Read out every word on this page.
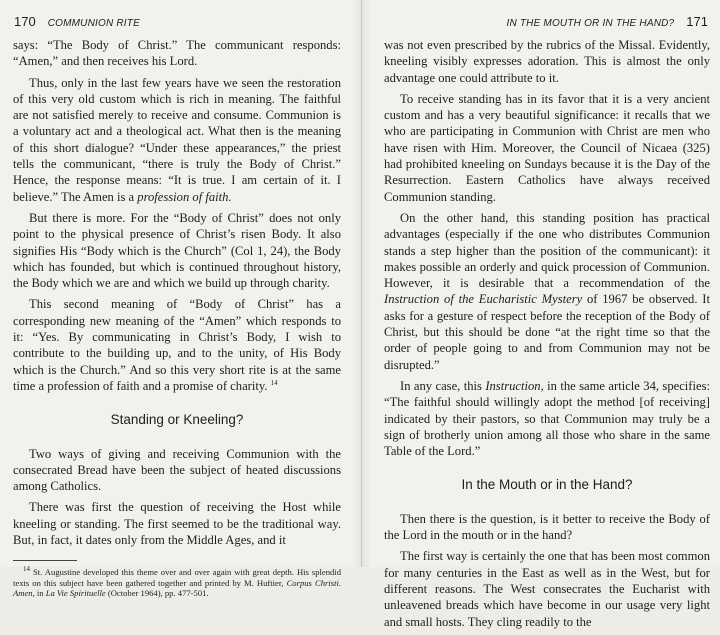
170 COMMUNION RITE

says: “The Body of Christ.” The communicant responds: “Amen,” and then receives his Lord.

Thus, only in the last few years have we seen the restoration of this very old custom which is rich in meaning. The faithful are not satisfied merely to receive and consume. Communion is a voluntary act and a theological act. What then is the meaning of this short dialogue? “Under these appearances,” the priest tells the communicant, “there is truly the Body of Christ.” Hence, the response means: “It is true. I am certain of it. I believe.” The Amen is a profession of faith.

But there is more. For the “Body of Christ” does not only point to the physical presence of Christ’s risen Body. It also signifies His “Body which is the Church” (Col 1, 24), the Body which has founded, but which is continued throughout history, the Body which we are and which we build up through charity.

This second meaning of “Body of Christ” has a corresponding new meaning of the “Amen” which responds to it: “Yes. By communicating in Christ’s Body, I wish to contribute to the building up, and to the unity, of His Body which is the Church.” And so this very short rite is at the same time a profession of faith and a promise of charity. $^{14}$

Standing or Kneeling?

Two ways of giving and receiving Communion with the consecrated Bread have been the subject of heated discussions among Catholics.

There was first the question of receiving the Host while kneeling or standing. The first seemed to be the traditional way. But, in fact, it dates only from the Middle Ages, and it

$^{14}$ St. Augustine developed this theme over and over again with great depth. His splendid texts on this subject have been gathered together and printed by M. Huftier, Corpus Christi. Amen, in La Vie Spirituelle (October 1964), pp. 477-501.
IN THE MOUTH OR IN THE HAND? 171

was not even prescribed by the rubrics of the Missal. Evidently, kneeling visibly expresses adoration. This is almost the only advantage one could attribute to it.

To receive standing has in its favor that it is a very ancient custom and has a very beautiful significance: it recalls that we who are participating in Communion with Christ are men who have risen with Him. Moreover, the Council of Nicaea (325) had prohibited kneeling on Sundays because it is the Day of the Resurrection. Eastern Catholics have always received Communion standing.

On the other hand, this standing position has practical advantages (especially if the one who distributes Communion stands a step higher than the position of the communicant): it makes possible an orderly and quick procession of Communion. However, it is desirable that a recommendation of the Instruction of the Eucharistic Mystery of 1967 be observed. It asks for a gesture of respect before the reception of the Body of Christ, but this should be done “at the right time so that the order of people going to and from Communion may not be disrupted.”

In any case, this Instruction, in the same article 34, specifies: “The faithful should willingly adopt the method [of receiving] indicated by their pastors, so that Communion may truly be a sign of brotherly union among all those who share in the same Table of the Lord.”

In the Mouth or in the Hand?

Then there is the question, is it better to receive the Body of the Lord in the mouth or in the hand?

The first way is certainly the one that has been most common for many centuries in the East as well as in the West, but for different reasons. The West consecrates the Eucharist with unleavened breads which have become in our usage very light and small hosts. They cling readily to the
